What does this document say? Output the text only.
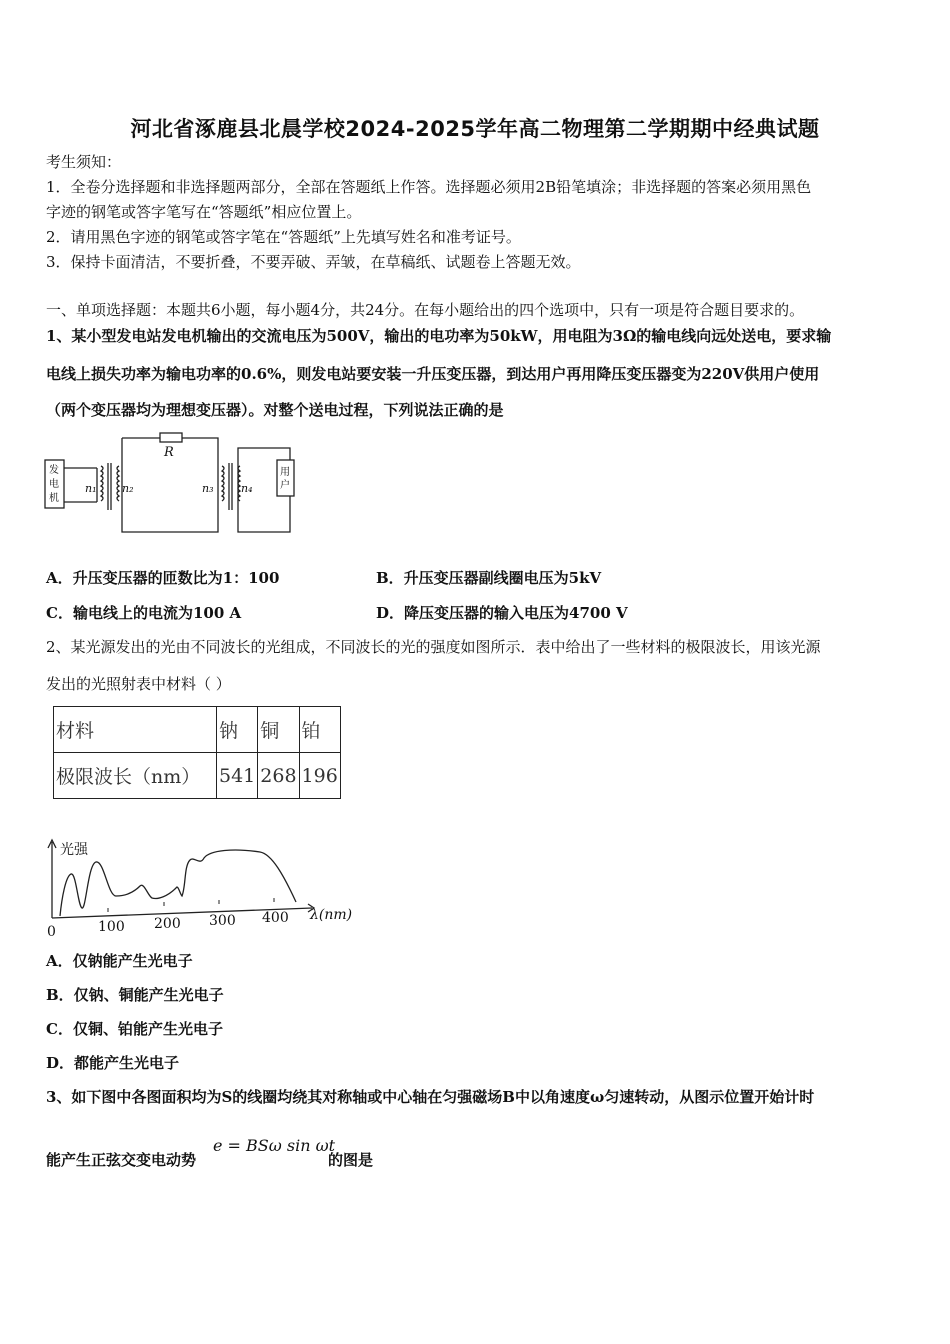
河北省涿鹿县北晨学校2024-2025学年高二物理第二学期期中经典试题
考生须知：
1．全卷分选择题和非选择题两部分，全部在答题纸上作答。选择题必须用2B铅笔填涂；非选择题的答案必须用黑色
字迹的钢笔或答字笔写在“答题纸”相应位置上。
2．请用黑色字迹的钢笔或答字笔在“答题纸”上先填写姓名和准考证号。
3．保持卡面清洁，不要折叠，不要弄破、弄皱，在草稿纸、试题卷上答题无效。
一、单项选择题：本题共6小题，每小题4分，共24分。在每小题给出的四个选项中，只有一项是符合题目要求的。
1、某小型发电站发电机输出的交流电压为500V，输出的电功率为50kW，用电阻为3Ω的输电线向远处送电，要求输
电线上损失功率为输电功率的0.6%，则发电站要安装一升压变压器，到达用户再用降压变压器变为220V供用户使用
（两个变压器均为理想变压器）。对整个送电过程，下列说法正确的是
发
电
机
用
户
R
n₁ n₂	n₃	n₄
A．升压变压器的匝数比为1：100	B．升压变压器副线圈电压为5kV
C．输电线上的电流为100 A	D．降压变压器的输入电压为4700 V
2、某光源发出的光由不同波长的光组成，不同波长的光的强度如图所示．表中给出了一些材料的极限波长，用该光源
发出的光照射表中材料（ ）
材料	钠	铜	铂
极限波长（nm）	541	268	196
光强
0	100 200 300 400 λ(nm)
A．仅钠能产生光电子
B．仅钠、铜能产生光电子
C．仅铜、铂能产生光电子
D．都能产生光电子
3、如下图中各图面积均为S的线圈均绕其对称轴或中心轴在匀强磁场B中以角速度ω匀速转动，从图示位置开始计时
能产生正弦交变电动势
e = BSω sin ωt
的图是
